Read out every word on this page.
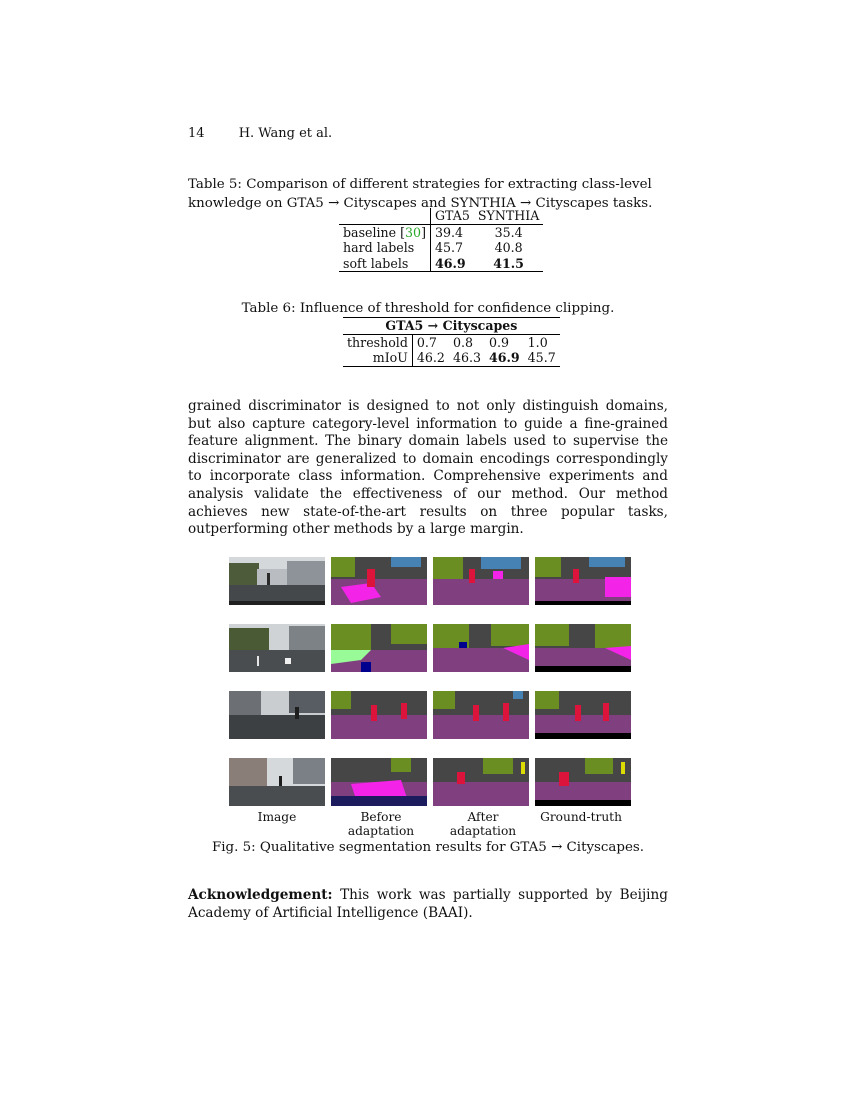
14	H. Wang et al.
Table 5: Comparison of different strategies for extracting class-level knowledge on GTA5 → Cityscapes and SYNTHIA → Cityscapes tasks.
	GTA5	SYNTHIA
baseline [30]	39.4	35.4
hard labels	45.7	40.8
soft labels	46.9	41.5
Table 6: Influence of threshold for confidence clipping.
GTA5 → Cityscapes				
threshold	0.7	0.8	0.9	1.0
mIoU	46.2	46.3	46.9	45.7
grained discriminator is designed to not only distinguish domains, but also capture category-level information to guide a fine-grained feature alignment. The binary domain labels used to supervise the discriminator are generalized to domain encodings correspondingly to incorporate class information. Comprehensive experiments and analysis validate the effectiveness of our method. Our method achieves new state-of-the-art results on three popular tasks, outperforming other methods by a large margin.
Image	Before adaptation
After adaptation
Ground-truth
Fig. 5: Qualitative segmentation results for GTA5 → Cityscapes.
Acknowledgement: This work was partially supported by Beijing Academy of Artificial Intelligence (BAAI).
